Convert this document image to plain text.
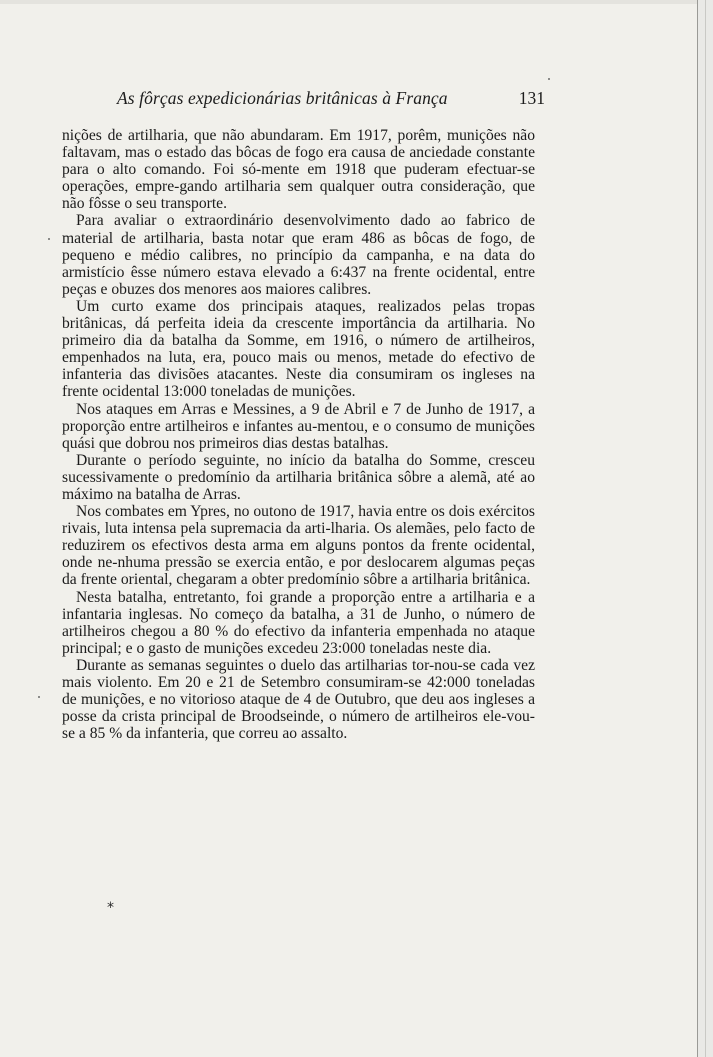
As fôrças expedicionárias britânicas à França	131

nições de artilharia, que não abundaram. Em 1917, porêm, munições não faltavam, mas o estado das bôcas de fogo era causa de anciedade constante para o alto comando. Foi só-mente em 1918 que puderam efectuar-se operações, empre-gando artilharia sem qualquer outra consideração, que não fôsse o seu transporte.

Para avaliar o extraordinário desenvolvimento dado ao fabrico de material de artilharia, basta notar que eram 486 as bôcas de fogo, de pequeno e médio calibres, no princípio da campanha, e na data do armistício êsse número estava elevado a 6:437 na frente ocidental, entre peças e obuzes dos menores aos maiores calibres.

Um curto exame dos principais ataques, realizados pelas tropas britânicas, dá perfeita ideia da crescente importância da artilharia. No primeiro dia da batalha da Somme, em 1916, o número de artilheiros, empenhados na luta, era, pouco mais ou menos, metade do efectivo de infanteria das divisões atacantes. Neste dia consumiram os ingleses na frente ocidental 13:000 toneladas de munições.

Nos ataques em Arras e Messines, a 9 de Abril e 7 de Junho de 1917, a proporção entre artilheiros e infantes au-mentou, e o consumo de munições quási que dobrou nos primeiros dias destas batalhas.

Durante o período seguinte, no início da batalha do Somme, cresceu sucessivamente o predomínio da artilharia britânica sôbre a alemã, até ao máximo na batalha de Arras.

Nos combates em Ypres, no outono de 1917, havia entre os dois exércitos rivais, luta intensa pela supremacia da arti-lharia. Os alemães, pelo facto de reduzirem os efectivos desta arma em alguns pontos da frente ocidental, onde ne-nhuma pressão se exercia então, e por deslocarem algumas peças da frente oriental, chegaram a obter predomínio sôbre a artilharia britânica.

Nesta batalha, entretanto, foi grande a proporção entre a artilharia e a infantaria inglesas. No começo da batalha, a 31 de Junho, o número de artilheiros chegou a 80 % do efectivo da infanteria empenhada no ataque principal; e o gasto de munições excedeu 23:000 toneladas neste dia.

Durante as semanas seguintes o duelo das artilharias tor-nou-se cada vez mais violento. Em 20 e 21 de Setembro consumiram-se 42:000 toneladas de munições, e no vitorioso ataque de 4 de Outubro, que deu aos ingleses a posse da crista principal de Broodseinde, o número de artilheiros ele-vou-se a 85 % da infanteria, que correu ao assalto.

*
